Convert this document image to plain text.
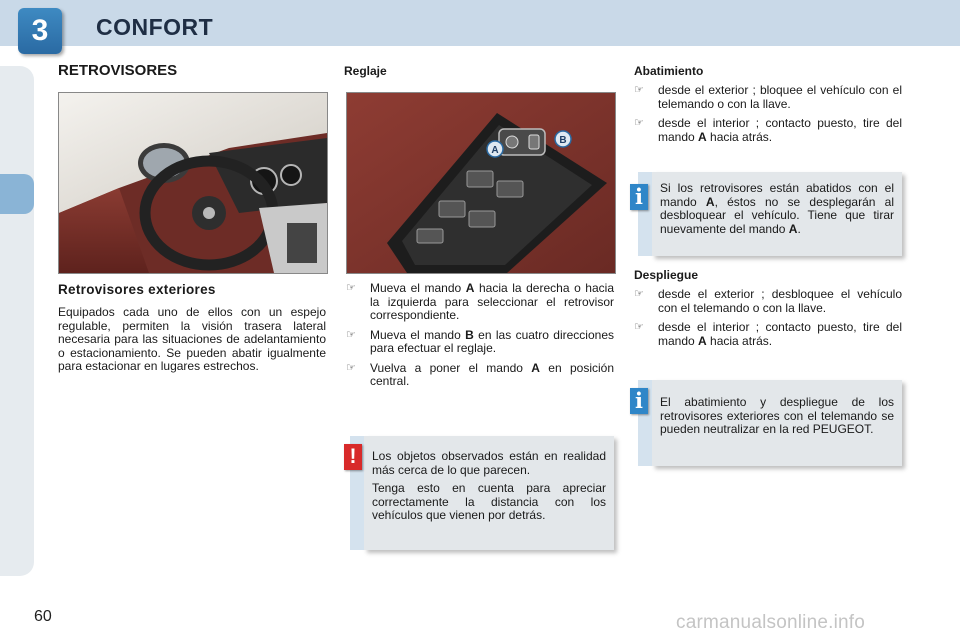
3	CONFORT
RETROVISORES	Reglaje	Abatimiento
A
B
Retrovisores exteriores
Equipados cada uno de ellos con un espejo regulable, permiten la visión trasera lateral necesaria para las situaciones de adelantamiento o estacionamiento. Se pueden abatir igualmente para estacionar en lugares estrechos.
☞ Mueva el mando A hacia la derecha o hacia la izquierda para seleccionar el retrovisor correspondiente.
☞ Mueva el mando B en las cuatro direcciones para efectuar el reglaje.
☞ Vuelva a poner el mando A en posición central.

Los objetos observados están en realidad más cerca de lo que parecen.

Tenga esto en cuenta para apreciar correctamente la distancia con los vehículos que vienen por detrás.

!
☞ desde el exterior ; bloquee el vehículo con el telemando o con la llave.
☞ desde el interior ; contacto puesto, tire del mando A hacia atrás.

Si los retrovisores están abatidos con el mando A, éstos no se desplegarán al desbloquear el vehículo. Tiene que tirar nuevamente del mando A.

i
Despliegue
☞ desde el exterior ; desbloquee el vehículo con el telemando o con la llave.
☞ desde el interior ; contacto puesto, tire del mando A hacia atrás.

El abatimiento y despliegue de los retrovisores exteriores con el telemando se pueden neutralizar en la red PEUGEOT.

i
60	carmanualsonline.info
